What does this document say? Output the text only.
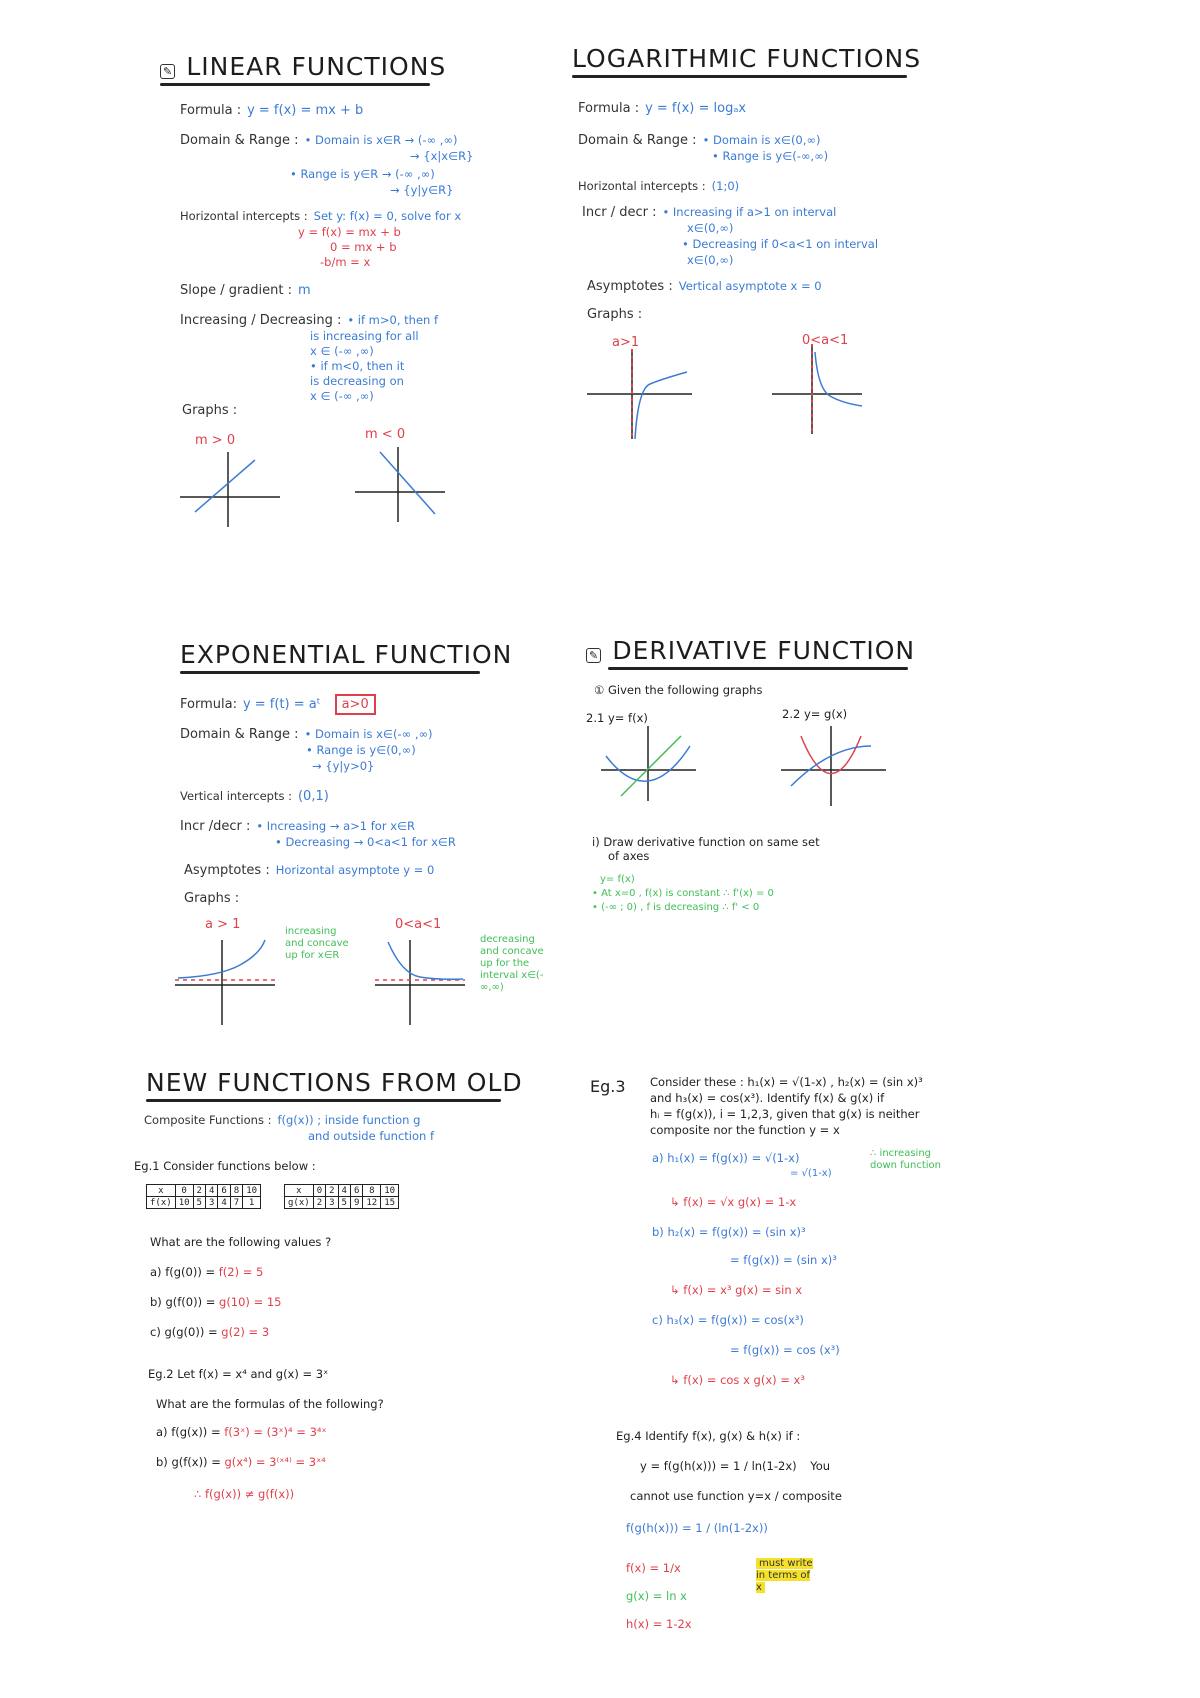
✎ LINEAR FUNCTIONS
Formula : y = f(x) = mx + b
Domain & Range : • Domain is x∈R → (-∞ ,∞)
→ {x|x∈R}
• Range is y∈R → (-∞ ,∞)
→ {y|y∈R}
Horizontal intercepts : Set y: f(x) = 0, solve for x
y = f(x) = mx + b
0 = mx + b
-b/m = x
Slope / gradient : m
Increasing / Decreasing : • if m>0, then f
is increasing for all
x ∈ (-∞ ,∞)
• if m<0, then it
is decreasing on
x ∈ (-∞ ,∞)
Graphs :
m > 0	m < 0
LOGARITHMIC FUNCTIONS
Formula : y = f(x) = logₐx
Domain & Range : • Domain is x∈(0,∞)
• Range is y∈(-∞,∞)
Horizontal intercepts : (1;0)
Incr / decr : • Increasing if a>1 on interval
x∈(0,∞)
• Decreasing if 0<a<1 on interval
x∈(0,∞)
Asymptotes : Vertical asymptote x = 0
Graphs :
a>1	0<a<1
EXPONENTIAL FUNCTION
Formula: y = f(t) = aᵗ a>0
Domain & Range : • Domain is x∈(-∞ ,∞)
• Range is y∈(0,∞)
→ {y|y>0}
Vertical intercepts : (0,1)
Incr /decr : • Increasing → a>1 for x∈R
• Decreasing → 0<a<1 for x∈R
Asymptotes : Horizontal asymptote y = 0
Graphs :
a > 1	0<a<1
increasing and concave up for x∈R
decreasing and concave up for the interval x∈(-∞,∞)
✎ DERIVATIVE FUNCTION
① Given the following graphs
2.1 y= f(x)	2.2 y= g(x)
i) Draw derivative function on same set
of axes
y= f(x)
• At x=0 , f(x) is constant ∴ f'(x) = 0
• (-∞ ; 0) , f is decreasing ∴ f' < 0
NEW FUNCTIONS FROM OLD
Composite Functions : f(g(x)) ; inside function g
and outside function f
Eg.1 Consider functions below :
x	0	2	4	6	8	10
f(x)	10	5	3	4	7	1
x	0	2	4	6	8	10
g(x)	2	3	5	9	12	15
What are the following values ?
a) f(g(0)) = f(2) = 5
b) g(f(0)) = g(10) = 15
c) g(g(0)) = g(2) = 3
Eg.2 Let f(x) = x⁴ and g(x) = 3ˣ
What are the formulas of the following?
a) f(g(x)) = f(3ˣ) = (3ˣ)⁴ = 3⁴ˣ
b) g(f(x)) = g(x⁴) = 3⁽ˣ⁴⁾ = 3ˣ⁴
∴ f(g(x)) ≠ g(f(x))
Eg.3 Consider these : h₁(x) = √(1-x) , h₂(x) = (sin x)³
and h₃(x) = cos(x³). Identify f(x) & g(x) if
hᵢ = f(g(x)), i = 1,2,3, given that g(x) is neither
composite nor the function y = x
a) h₁(x) = f(g(x)) = √(1-x)
= √(1-x)
∴ increasing down function
↳ f(x) = √x g(x) = 1-x
b) h₂(x) = f(g(x)) = (sin x)³
= f(g(x)) = (sin x)³
↳ f(x) = x³ g(x) = sin x
c) h₃(x) = f(g(x)) = cos(x³)
= f(g(x)) = cos (x³)
↳ f(x) = cos x g(x) = x³
Eg.4 Identify f(x), g(x) & h(x) if :
y = f(g(h(x))) = 1 / ln(1-2x) You
cannot use function y=x / composite
f(g(h(x))) = 1 / (ln(1-2x))
f(x) = 1/x
g(x) = ln x
h(x) = 1-2x
must write in terms of x
